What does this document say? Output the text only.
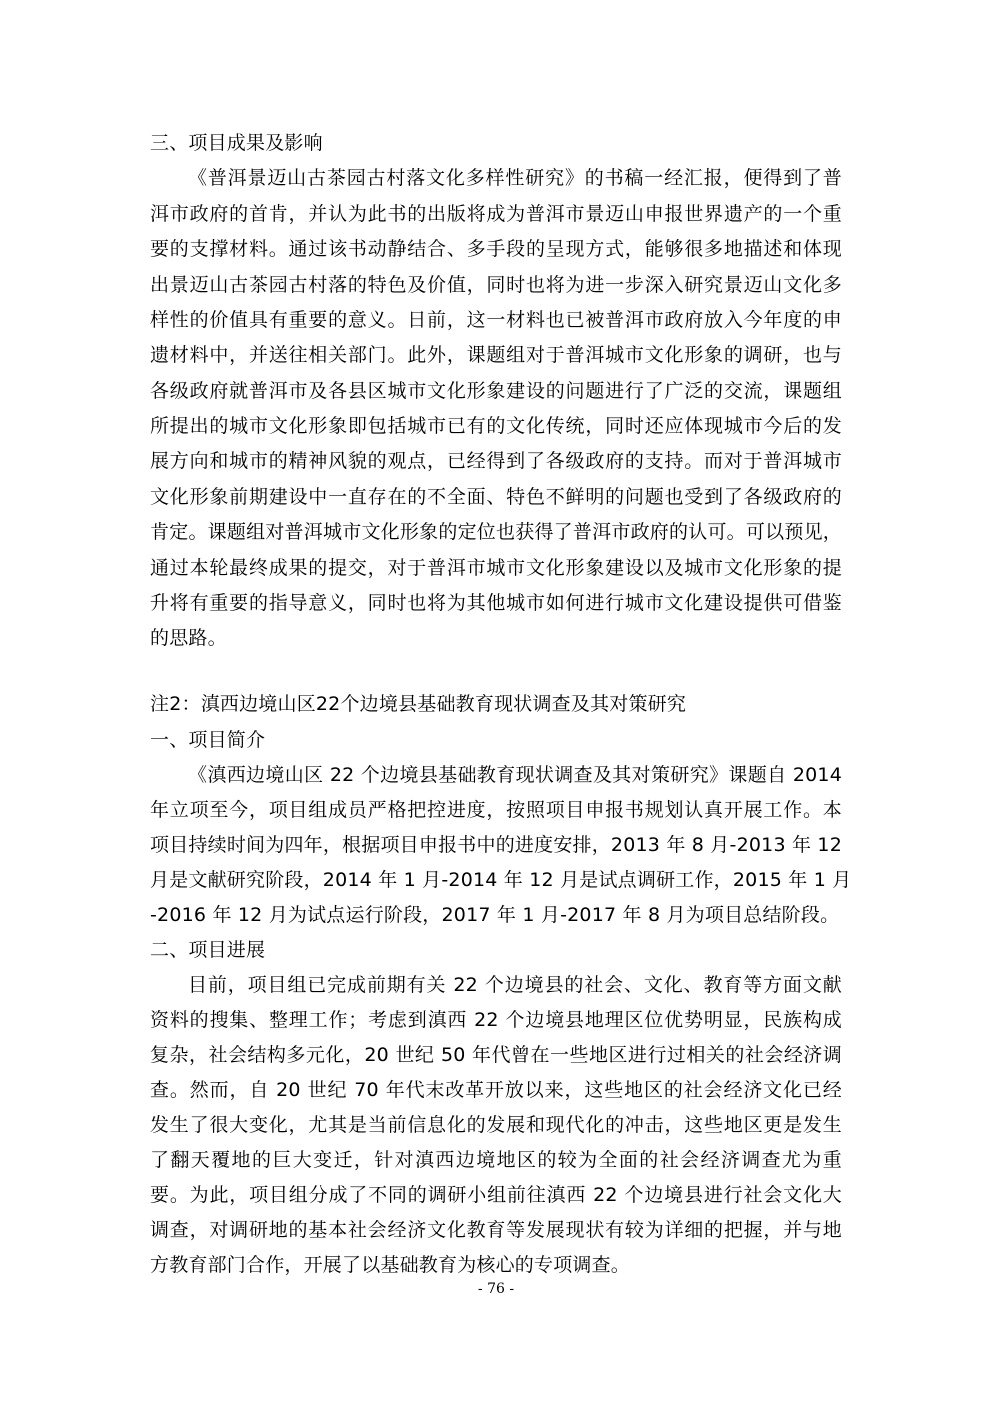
三、项目成果及影响
《普洱景迈山古茶园古村落文化多样性研究》的书稿一经汇报，便得到了普
洱市政府的首肯，并认为此书的出版将成为普洱市景迈山申报世界遗产的一个重
要的支撑材料。通过该书动静结合、多手段的呈现方式，能够很多地描述和体现
出景迈山古茶园古村落的特色及价值，同时也将为进一步深入研究景迈山文化多
样性的价值具有重要的意义。日前，这一材料也已被普洱市政府放入今年度的申
遗材料中，并送往相关部门。此外，课题组对于普洱城市文化形象的调研，也与
各级政府就普洱市及各县区城市文化形象建设的问题进行了广泛的交流，课题组
所提出的城市文化形象即包括城市已有的文化传统，同时还应体现城市今后的发
展方向和城市的精神风貌的观点，已经得到了各级政府的支持。而对于普洱城市
文化形象前期建设中一直存在的不全面、特色不鲜明的问题也受到了各级政府的
肯定。课题组对普洱城市文化形象的定位也获得了普洱市政府的认可。可以预见，
通过本轮最终成果的提交，对于普洱市城市文化形象建设以及城市文化形象的提
升将有重要的指导意义，同时也将为其他城市如何进行城市文化建设提供可借鉴
的思路。
注2：滇西边境山区22个边境县基础教育现状调查及其对策研究
一、项目简介
《滇西边境山区 22 个边境县基础教育现状调查及其对策研究》课题自 2014
年立项至今，项目组成员严格把控进度，按照项目申报书规划认真开展工作。本
项目持续时间为四年，根据项目申报书中的进度安排，2013 年 8 月-2013 年 12
月是文献研究阶段，2014 年 1 月-2014 年 12 月是试点调研工作，2015 年 1 月
-2016 年 12 月为试点运行阶段，2017 年 1 月-2017 年 8 月为项目总结阶段。
二、项目进展
目前，项目组已完成前期有关 22 个边境县的社会、文化、教育等方面文献
资料的搜集、整理工作；考虑到滇西 22 个边境县地理区位优势明显，民族构成
复杂，社会结构多元化，20 世纪 50 年代曾在一些地区进行过相关的社会经济调
查。然而，自 20 世纪 70 年代末改革开放以来，这些地区的社会经济文化已经
发生了很大变化，尤其是当前信息化的发展和现代化的冲击，这些地区更是发生
了翻天覆地的巨大变迁，针对滇西边境地区的较为全面的社会经济调查尤为重
要。为此，项目组分成了不同的调研小组前往滇西 22 个边境县进行社会文化大
调查，对调研地的基本社会经济文化教育等发展现状有较为详细的把握，并与地
方教育部门合作，开展了以基础教育为核心的专项调查。
- 76 -
